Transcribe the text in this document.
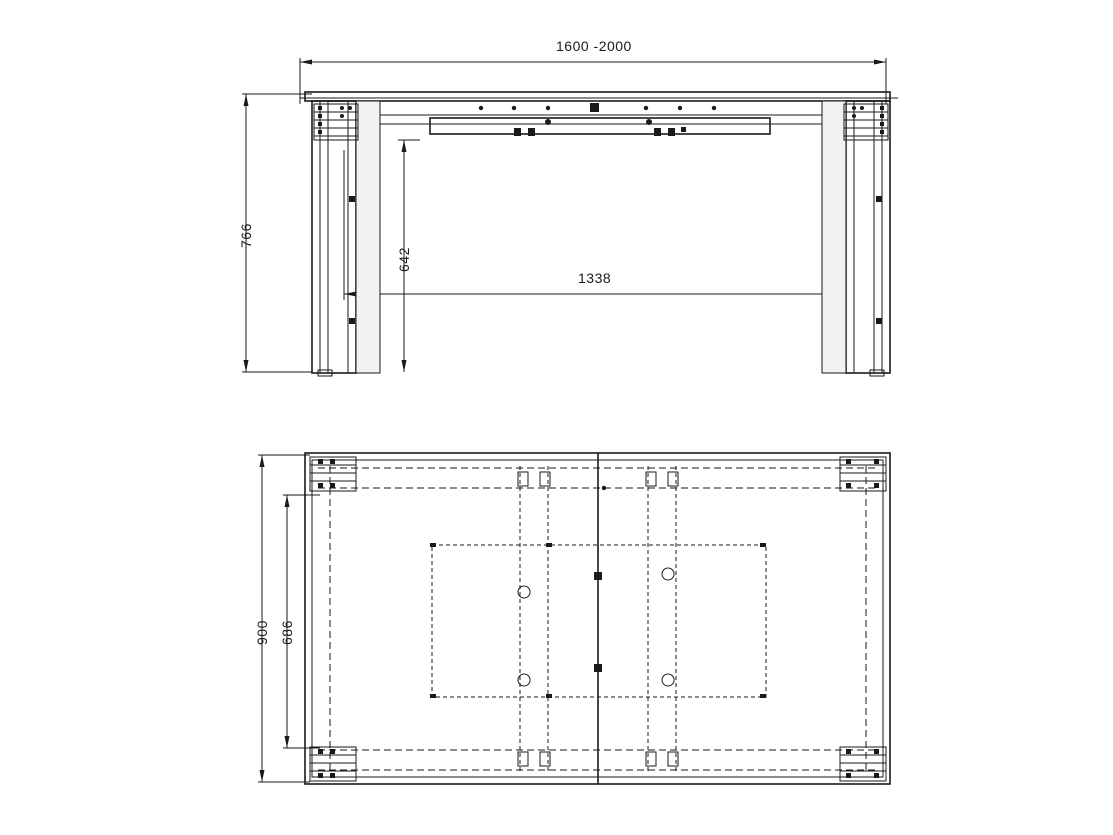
1600 -2000
766
642
1338
900 686
